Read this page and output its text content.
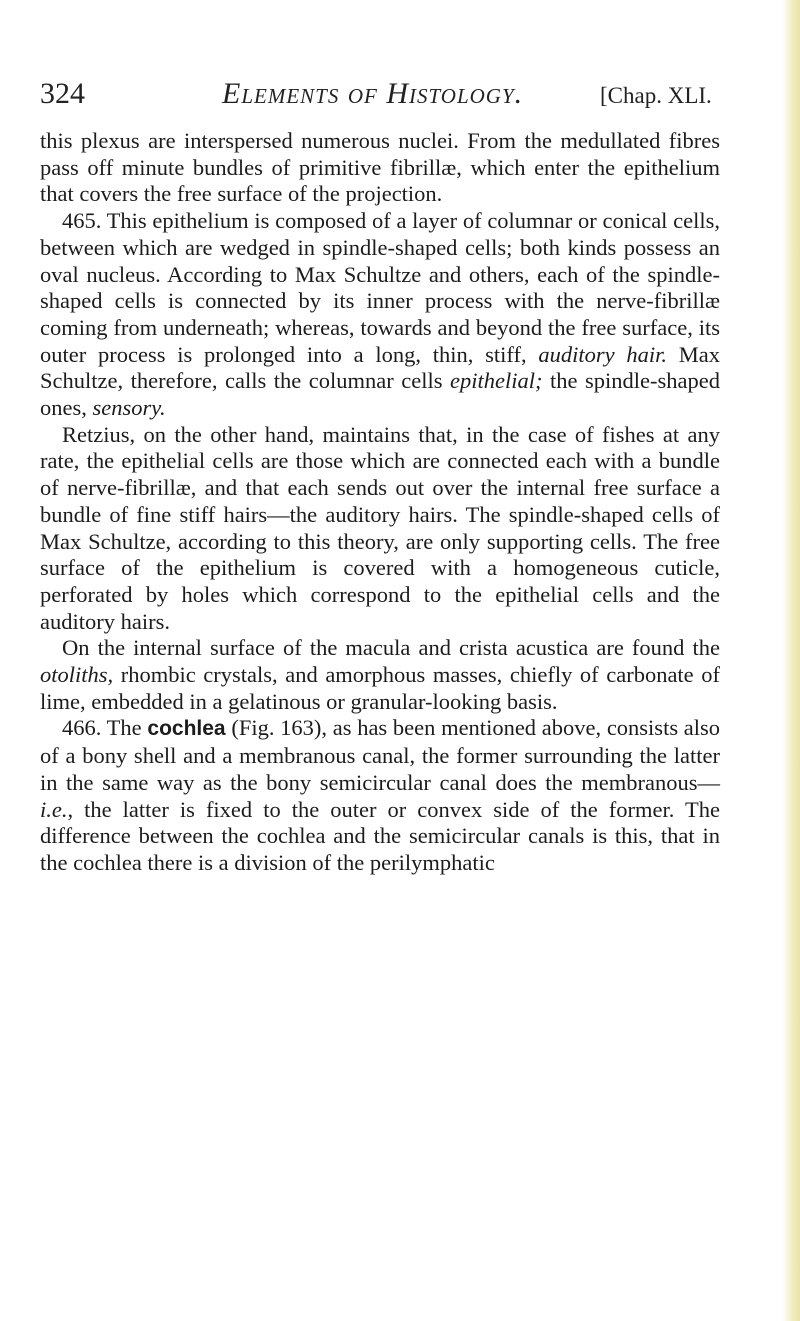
324	Elements of Histology.	[Chap. XLI.

this plexus are interspersed numerous nuclei. From the medullated fibres pass off minute bundles of primitive fibrillæ, which enter the epithelium that covers the free surface of the projection.

465. This epithelium is composed of a layer of columnar or conical cells, between which are wedged in spindle-shaped cells; both kinds possess an oval nucleus. According to Max Schultze and others, each of the spindle-shaped cells is connected by its inner process with the nerve-fibrillæ coming from underneath; whereas, towards and beyond the free surface, its outer process is prolonged into a long, thin, stiff, auditory hair. Max Schultze, therefore, calls the columnar cells epithelial; the spindle-shaped ones, sensory.

Retzius, on the other hand, maintains that, in the case of fishes at any rate, the epithelial cells are those which are connected each with a bundle of nerve-fibrillæ, and that each sends out over the internal free surface a bundle of fine stiff hairs—the auditory hairs. The spindle-shaped cells of Max Schultze, according to this theory, are only supporting cells. The free surface of the epithelium is covered with a homogeneous cuticle, perforated by holes which correspond to the epithelial cells and the auditory hairs.

On the internal surface of the macula and crista acustica are found the otoliths, rhombic crystals, and amorphous masses, chiefly of carbonate of lime, embedded in a gelatinous or granular-looking basis.

466. The cochlea (Fig. 163), as has been mentioned above, consists also of a bony shell and a membranous canal, the former surrounding the latter in the same way as the bony semicircular canal does the membranous—i.e., the latter is fixed to the outer or convex side of the former. The difference between the cochlea and the semicircular canals is this, that in the cochlea there is a division of the perilymphatic
